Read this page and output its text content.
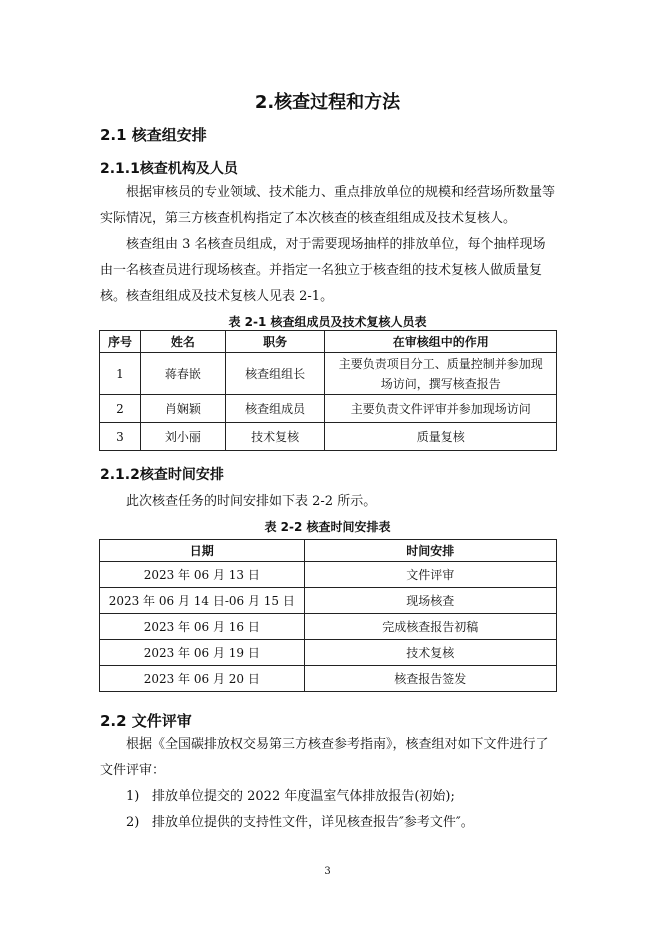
2.核查过程和方法
2.1 核查组安排
2.1.1核查机构及人员
根据审核员的专业领域、技术能力、重点排放单位的规模和经营场所数量等实际情况，第三方核查机构指定了本次核查的核查组组成及技术复核人。
核查组由 3 名核查员组成，对于需要现场抽样的排放单位，每个抽样现场由一名核查员进行现场核查。并指定一名独立于核查组的技术复核人做质量复核。核查组组成及技术复核人见表 2-1。
表 2-1 核查组成员及技术复核人员表
序号	姓名	职务	在审核组中的作用
1	蒋春嵌	核查组组长	主要负责项目分工、质量控制并参加现场访问，撰写核查报告
2	肖娴颖	核查组成员	主要负责文件评审并参加现场访问
3	刘小丽	技术复核	质量复核
2.1.2核查时间安排
此次核查任务的时间安排如下表 2-2 所示。
表 2-2 核查时间安排表
日期	时间安排
2023 年 06 月 13 日	文件评审
2023 年 06 月 14 日-06 月 15 日	现场核查
2023 年 06 月 16 日	完成核查报告初稿
2023 年 06 月 19 日	技术复核
2023 年 06 月 20 日	核查报告签发
2.2 文件评审
根据《全国碳排放权交易第三方核查参考指南》，核查组对如下文件进行了文件评审：
1) 排放单位提交的 2022 年度温室气体排放报告(初始);
2) 排放单位提供的支持性文件，详见核查报告″参考文件″。
3
